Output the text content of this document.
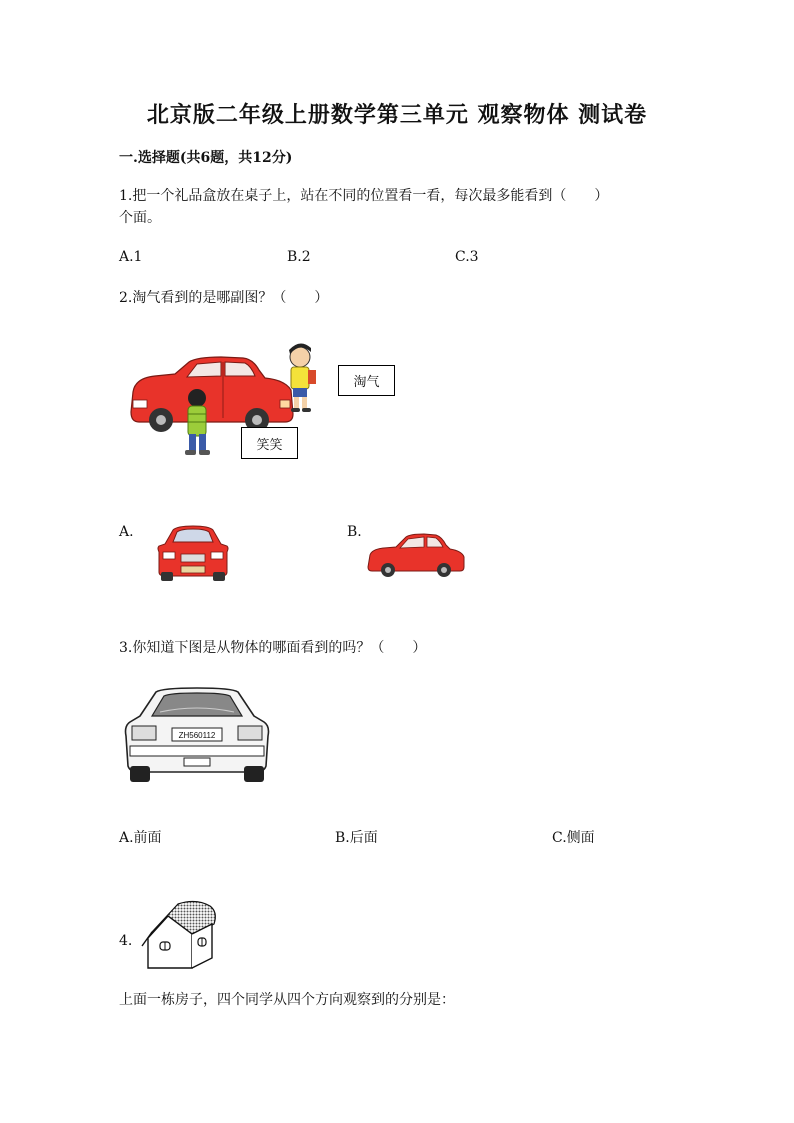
北京版二年级上册数学第三单元 观察物体 测试卷
一.选择题(共6题，共12分)
1.把一个礼品盒放在桌子上，站在不同的位置看一看，每次最多能看到（　　）
个面。
A.1	B.2	C.3
2.淘气看到的是哪副图？（　　）
淘气
笑笑
A.	B.
3.你知道下图是从物体的哪面看到的吗？（　　）
ZH560112
A.前面	B.后面	C.侧面
4.
上面一栋房子，四个同学从四个方向观察到的分别是：
